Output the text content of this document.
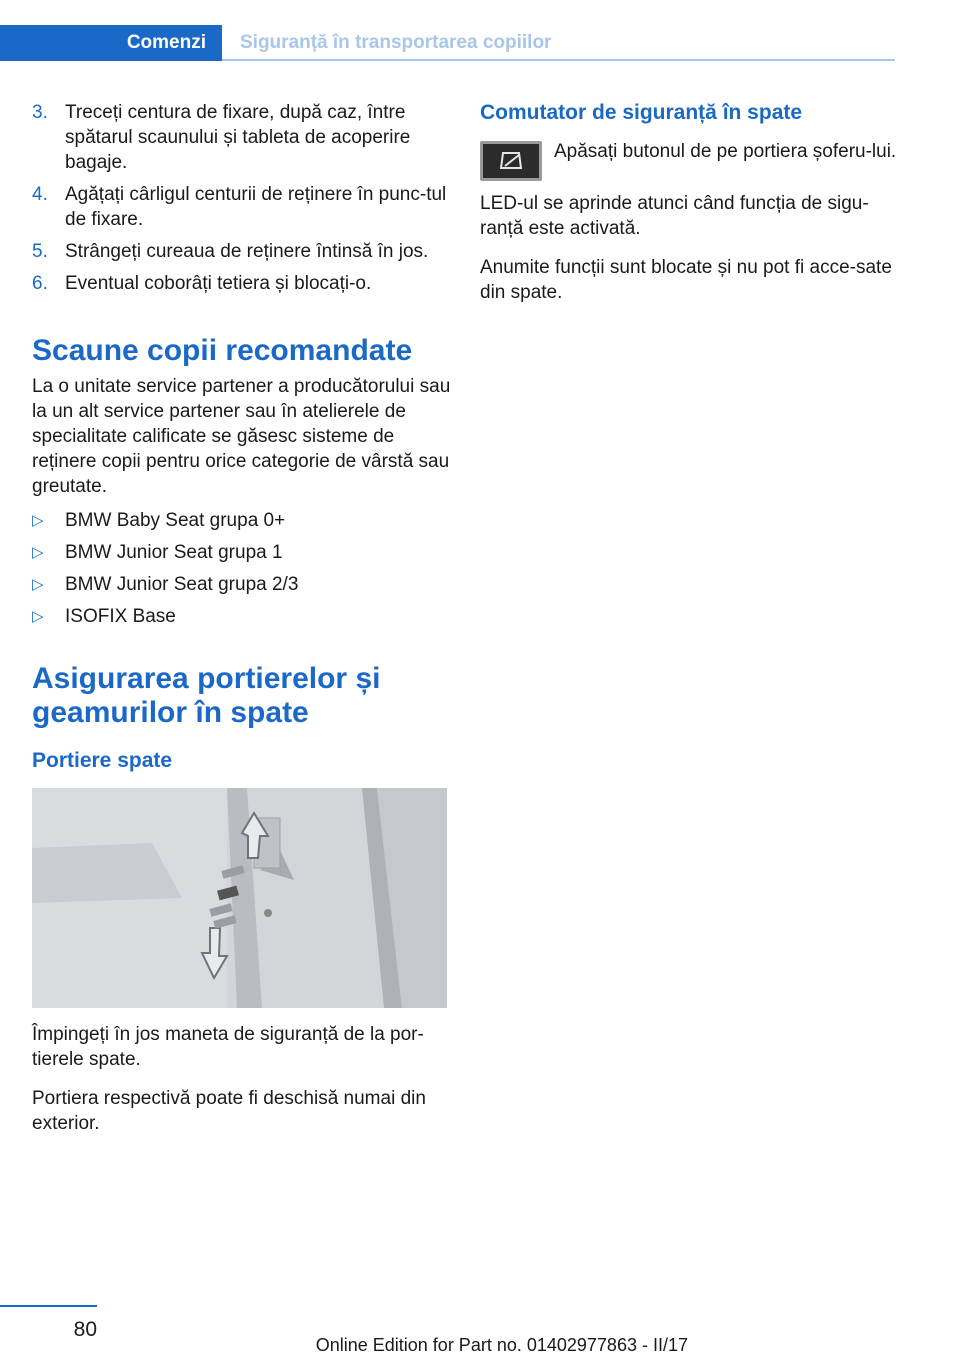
Comenzi	Siguranță în transportarea copiilor
3. Treceți centura de fixare, după caz, între spătarul scaunului și tableta de acoperire bagaje.
4. Agățați cârligul centurii de reținere în punc-tul de fixare.
5. Strângeți cureaua de reținere întinsă în jos.
6. Eventual coborâți tetiera și blocați-o.
Scaune copii recomandate

La o unitate service partener a producătorului sau la un alt service partener sau în atelierele de specialitate calificate se găsesc sisteme de reținere copii pentru orice categorie de vârstă sau greutate.

▷ BMW Baby Seat grupa 0+
▷ BMW Junior Seat grupa 1
▷ BMW Junior Seat grupa 2/3
▷ ISOFIX Base
Asigurarea portierelor și geamurilor în spate
Portiere spate

Împingeți în jos maneta de siguranță de la por-tierele spate.

Portiera respectivă poate fi deschisă numai din exterior.

Comutator de siguranță în spate

Apăsați butonul de pe portiera șoferu-lui.

LED-ul se aprinde atunci când funcția de sigu-ranță este activată.

Anumite funcții sunt blocate și nu pot fi acce-sate din spate.

80
Online Edition for Part no. 01402977863 - II/17
